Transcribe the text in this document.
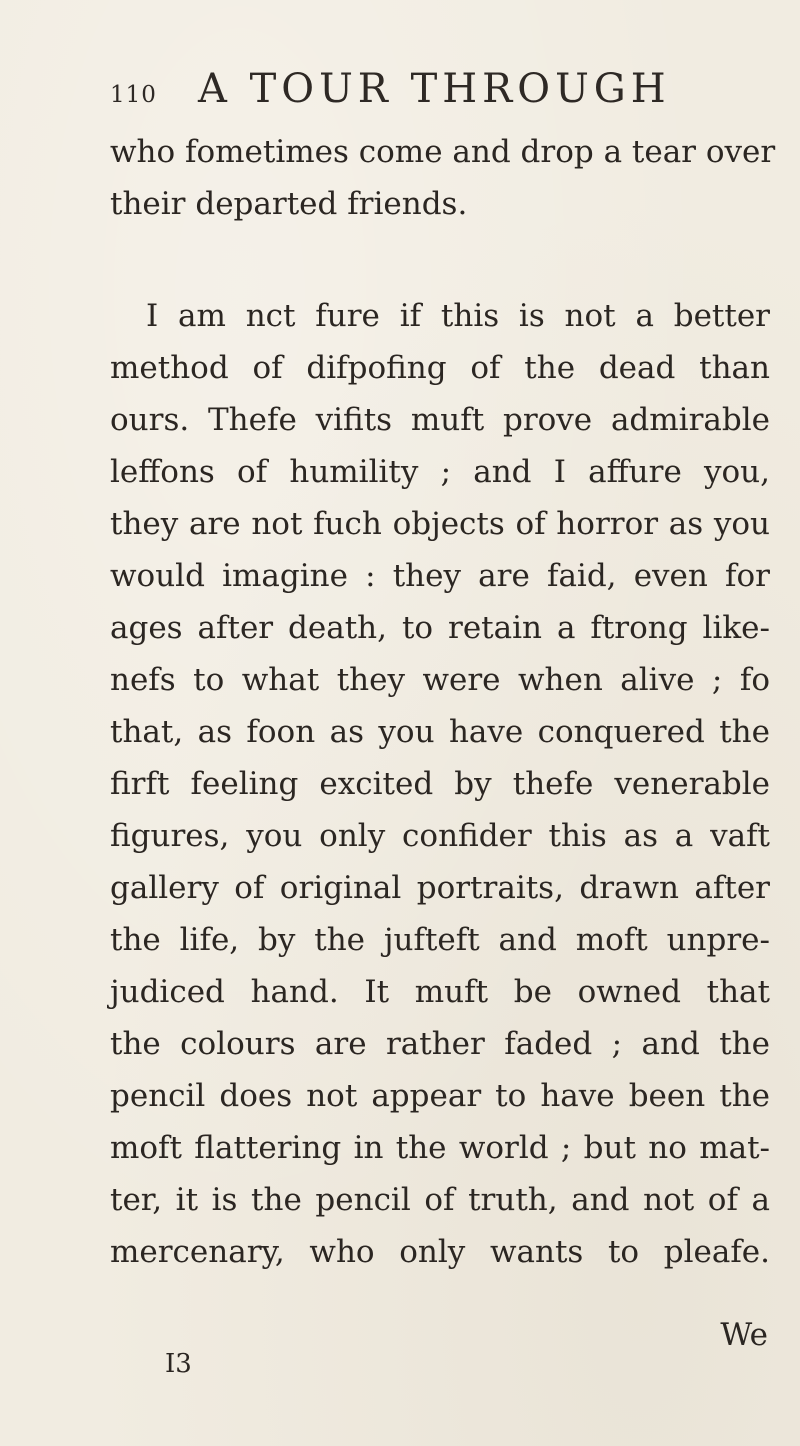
110 A TOUR THROUGH
who fometimes come and drop a tear over
their departed friends.
I am nct fure if this is not a better
method of difpofing of the dead than
ours. Thefe vifits muft prove admirable
leffons of humility ; and I affure you,
they are not fuch objects of horror as you
would imagine : they are faid, even for
ages after death, to retain a ftrong like-
nefs to what they were when alive ; fo
that, as foon as you have conquered the
firft feeling excited by thefe venerable
figures, you only confider this as a vaft
gallery of original portraits, drawn after
the life, by the jufteft and moft unpre-
judiced hand. It muft be owned that
the colours are rather faded ; and the
pencil does not appear to have been the
moft flattering in the world ; but no mat-
ter, it is the pencil of truth, and not of a
mercenary, who only wants to pleafe.
We
I3
